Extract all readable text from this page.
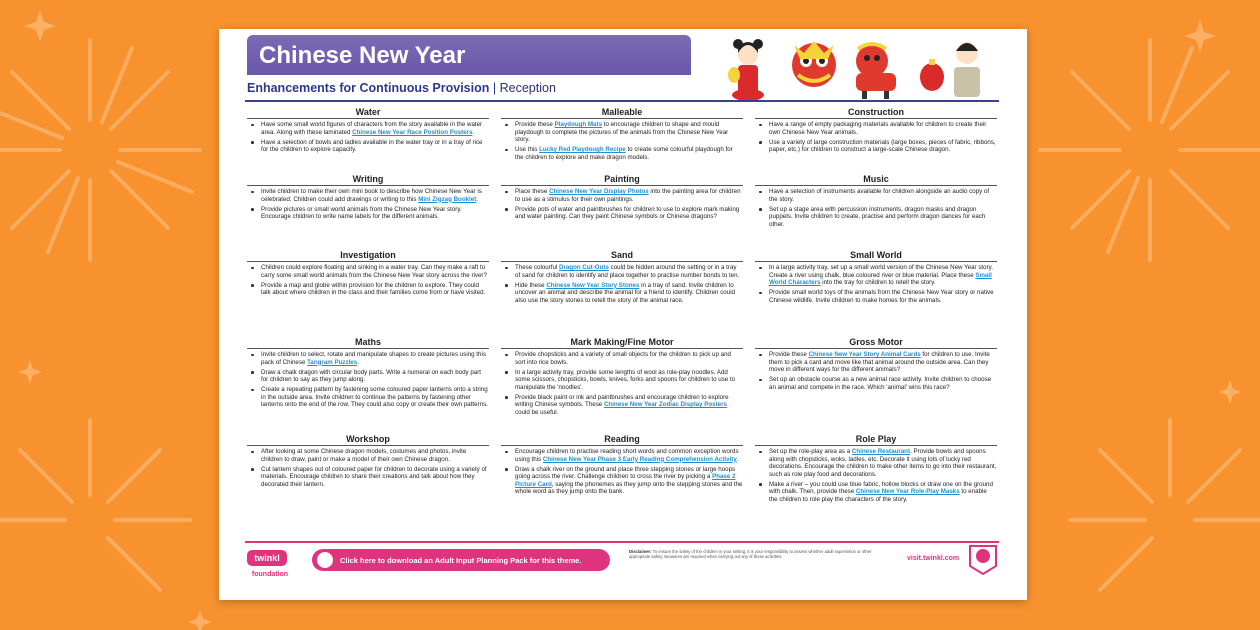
Chinese New Year
Enhancements for Continuous Provision | Reception
Water
Have some small world figures of characters from the story available in the water area. Along with these laminated Chinese New Year Race Position Posters.
Have a selection of bowls and ladles available in the water tray or in a tray of rice for the children to explore capacity.
Writing
Invite children to make their own mini book to describe how Chinese New Year is celebrated. Children could add drawings or writing to this Mini Zigzag Booklet.
Provide pictures or small world animals from the Chinese New Year story. Encourage children to write name labels for the different animals.
Investigation
Children could explore floating and sinking in a water tray. Can they make a raft to carry some small world animals from the Chinese New Year story across the river?
Provide a map and globe within provision for the children to explore. They could talk about where children in the class and their families come from or have visited.
Maths
Invite children to select, rotate and manipulate shapes to create pictures using this pack of Chinese Tangram Puzzles.
Draw a chalk dragon with circular body parts. Write a numeral on each body part for children to say as they jump along.
Create a repeating pattern by fastening some coloured paper lanterns onto a string in the outside area. Invite children to continue the patterns by fastening other lanterns onto the end of the row. They could also copy or create their own patterns.
Workshop
After looking at some Chinese dragon models, costumes and photos, invite children to draw, paint or make a model of their own Chinese dragon.
Cut lantern shapes out of coloured paper for children to decorate using a variety of materials. Encourage children to share their creations and talk about how they decorated their lantern.
Malleable
Provide these Playdough Mats to encourage children to shape and mould playdough to complete the pictures of the animals from the Chinese New Year story.
Use this Lucky Red Playdough Recipe to create some colourful playdough for the children to explore and make dragon models.
Painting
Place these Chinese New Year Display Photos into the painting area for children to use as a stimulus for their own paintings.
Provide pots of water and paintbrushes for children to use to explore mark making and water painting. Can they paint Chinese symbols or Chinese dragons?
Sand
These colourful Dragon Cut-Outs could be hidden around the setting or in a tray of sand for children to identify and place together to practise number bonds to ten.
Hide these Chinese New Year Story Stones in a tray of sand. Invite children to uncover an animal and describe the animal for a friend to identify. Children could also use the story stones to retell the story of the animal race.
Mark Making/Fine Motor
Provide chopsticks and a variety of small objects for the children to pick up and sort into rice bowls.
In a large activity tray, provide some lengths of wool as role-play noodles. Add some scissors, chopsticks, bowls, knives, forks and spoons for children to use to manipulate the 'noodles'.
Provide black paint or ink and paintbrushes and encourage children to explore writing Chinese symbols. These Chinese New Year Zodiac Display Posters could be useful.
Reading
Encourage children to practise reading short words and common exception words using this Chinese New Year Phase 3 Early Reading Comprehension Activity.
Draw a chalk river on the ground and place three stepping stones or large hoops going across the river. Challenge children to cross the river by picking a Phase 2 Picture Card, saying the phonemes as they jump onto the stepping stones and the whole word as they jump onto the bank.
Construction
Have a range of empty packaging materials available for children to create their own Chinese New Year animals.
Use a variety of large construction materials (large boxes, pieces of fabric, ribbons, paper, etc.) for children to construct a large-scale Chinese dragon.
Music
Have a selection of instruments available for children alongside an audio copy of the story.
Set up a stage area with percussion instruments, dragon masks and dragon puppets. Invite children to create, practise and perform dragon dances for each other.
Small World
In a large activity tray, set up a small world version of the Chinese New Year story. Create a river using chalk, blue coloured river or blue material. Place these Small World Characters into the tray for children to retell the story.
Provide small world toys of the animals from the Chinese New Year story or native Chinese wildlife. Invite children to make homes for the animals.
Gross Motor
Provide these Chinese New Year Story Animal Cards for children to use. Invite them to pick a card and move like that animal around the outside area. Can they move in different ways for the different animals?
Set up an obstacle course as a new animal race activity. Invite children to choose an animal and compete in the race. Which 'animal' wins this race?
Role Play
Set up the role-play area as a Chinese Restaurant. Provide bowls and spoons along with chopsticks, woks, ladles, etc. Decorate it using lots of lucky red decorations. Encourage the children to make other items to go into their restaurant, such as role play food and decorations.
Make a river – you could use blue fabric, hollow blocks or draw one on the ground with chalk. Then, provide these Chinese New Year Role-Play Masks to enable the children to role play the characters of the story.
twinkl
foundation
Click here to download an Adult Input Planning Pack for this theme.
Disclaimer: To ensure the safety of the children in your setting, it is your responsibility to assess whether adult supervision or other appropriate safety measures are required when carrying out any of these activities.	visit.twinkl.com
